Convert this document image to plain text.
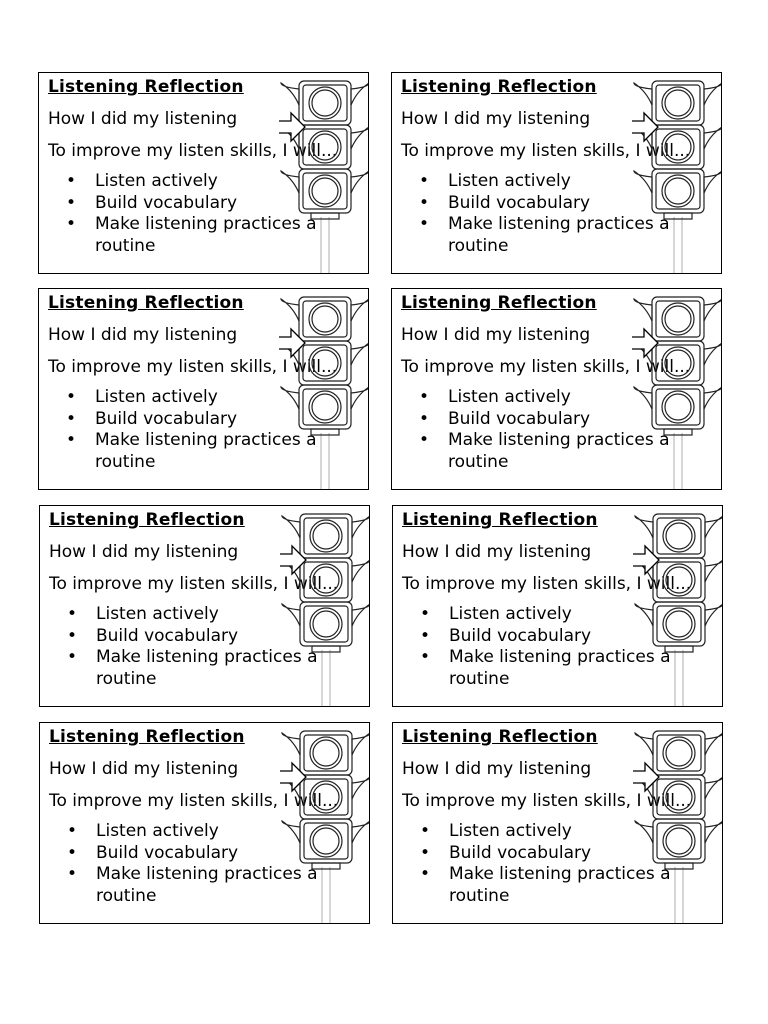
Listening Reflection
How I did my listening
To improve my listen skills, I will...
• Listen actively
• Build vocabulary
• Make listening practices a routine
Listening Reflection
How I did my listening
To improve my listen skills, I will...
• Listen actively
• Build vocabulary
• Make listening practices a routine
Listening Reflection
How I did my listening
To improve my listen skills, I will...
• Listen actively
• Build vocabulary
• Make listening practices a routine
Listening Reflection
How I did my listening
To improve my listen skills, I will...
• Listen actively
• Build vocabulary
• Make listening practices a routine
Listening Reflection
How I did my listening
To improve my listen skills, I will...
• Listen actively
• Build vocabulary
• Make listening practices a routine
Listening Reflection
How I did my listening
To improve my listen skills, I will...
• Listen actively
• Build vocabulary
• Make listening practices a routine
Listening Reflection
How I did my listening
To improve my listen skills, I will...
• Listen actively
• Build vocabulary
• Make listening practices a routine
Listening Reflection
How I did my listening
To improve my listen skills, I will...
• Listen actively
• Build vocabulary
• Make listening practices a routine
